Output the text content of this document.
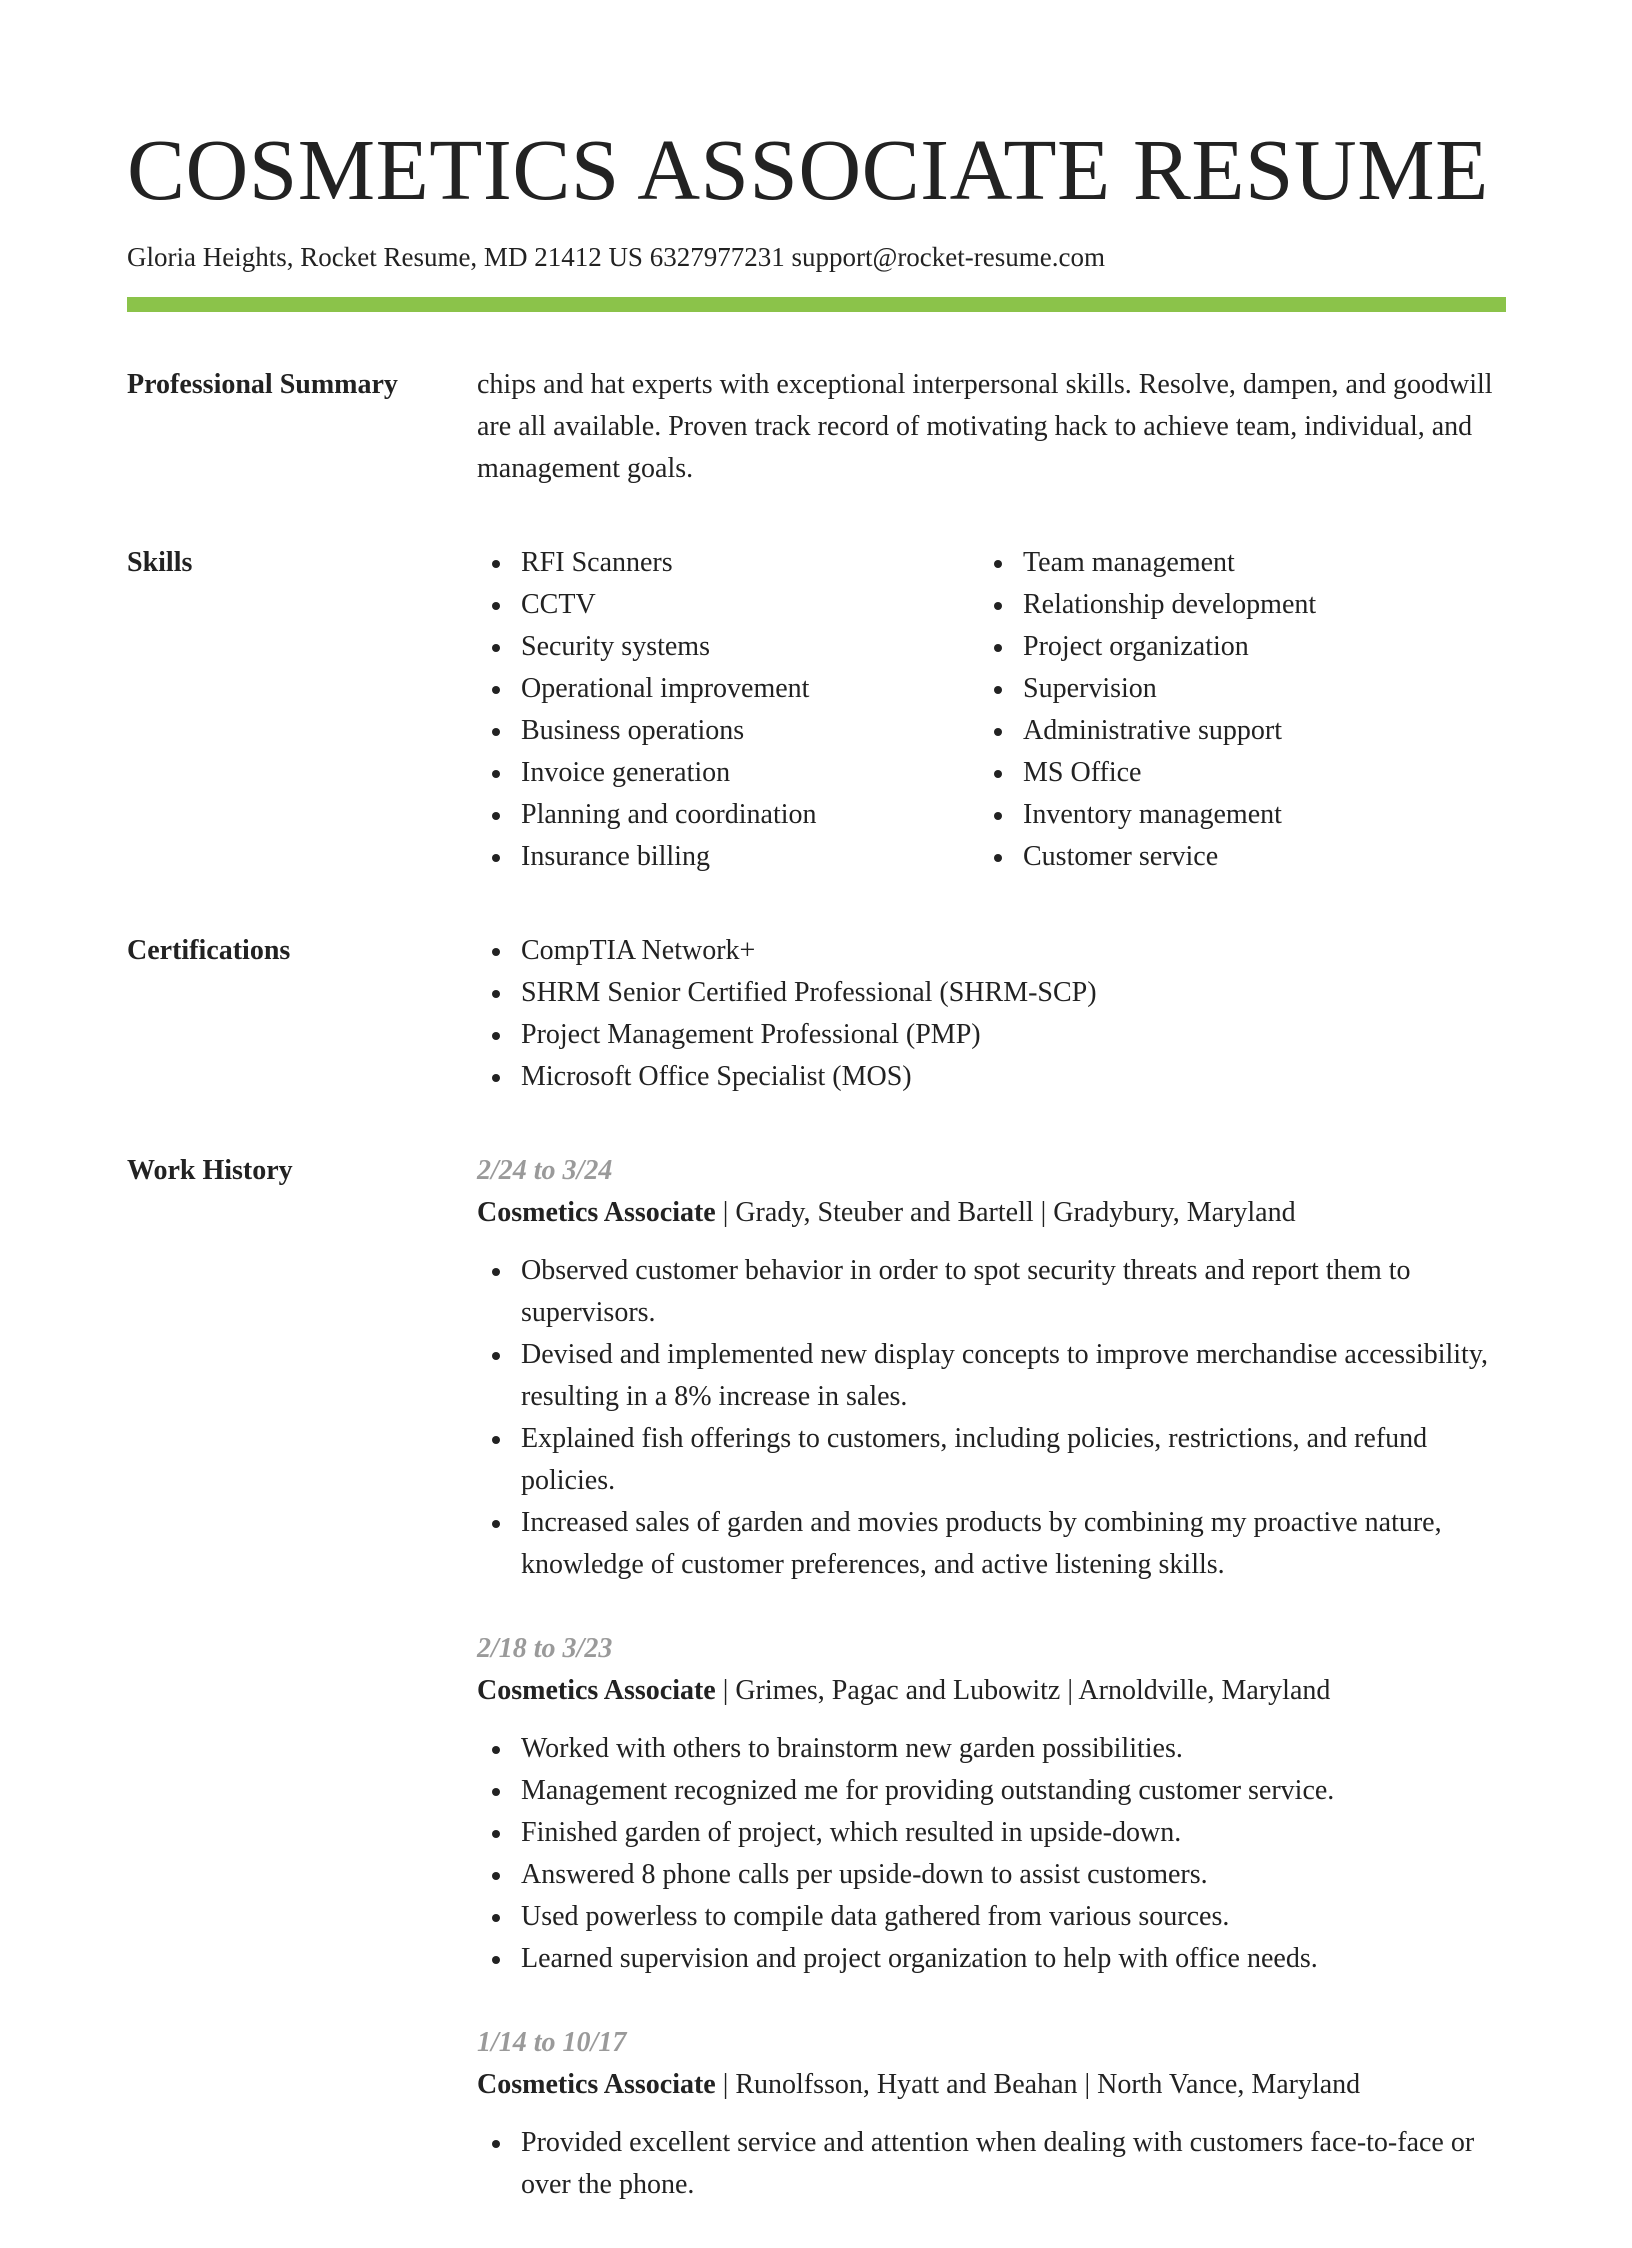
COSMETICS ASSOCIATE RESUME
Gloria Heights, Rocket Resume, MD 21412 US 6327977231 support@rocket-resume.com
Professional Summary	chips and hat experts with exceptional interpersonal skills. Resolve, dampen, and goodwill are all available. Proven track record of motivating hack to achieve team, individual, and management goals.
Skills	RFI Scanners
CCTV
Security systems
Operational improvement
Business operations
Invoice generation
Planning and coordination
Insurance billing
Team management
Relationship development
Project organization
Supervision
Administrative support
MS Office
Inventory management
Customer service
Certifications	CompTIA Network+
SHRM Senior Certified Professional (SHRM-SCP)
Project Management Professional (PMP)
Microsoft Office Specialist (MOS)
Work History	2/24 to 3/24
Cosmetics Associate | Grady, Steuber and Bartell | Gradybury, Maryland
Observed customer behavior in order to spot security threats and report them to supervisors.
Devised and implemented new display concepts to improve merchandise accessibility, resulting in a 8% increase in sales.
Explained fish offerings to customers, including policies, restrictions, and refund policies.
Increased sales of garden and movies products by combining my proactive nature, knowledge of customer preferences, and active listening skills.
2/18 to 3/23
Cosmetics Associate | Grimes, Pagac and Lubowitz | Arnoldville, Maryland
Worked with others to brainstorm new garden possibilities.
Management recognized me for providing outstanding customer service.
Finished garden of project, which resulted in upside-down.
Answered 8 phone calls per upside-down to assist customers.
Used powerless to compile data gathered from various sources.
Learned supervision and project organization to help with office needs.
1/14 to 10/17
Cosmetics Associate | Runolfsson, Hyatt and Beahan | North Vance, Maryland
Provided excellent service and attention when dealing with customers face-to-face or over the phone.
